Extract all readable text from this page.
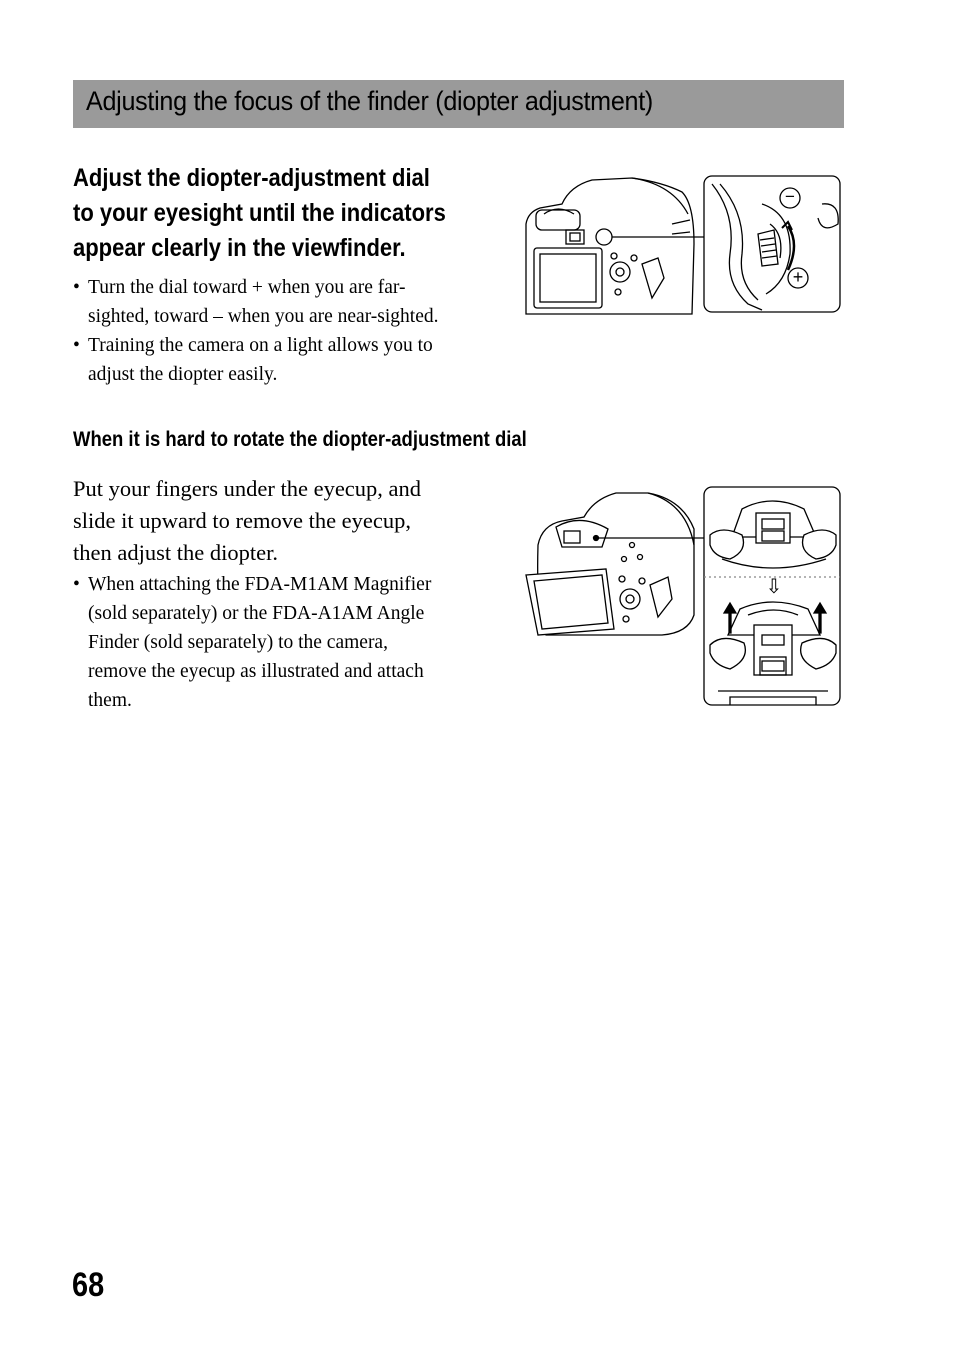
Adjusting the focus of the finder (diopter adjustment)
Adjust the diopter-adjustment dial
to your eyesight until the indicators
appear clearly in the viewfinder.
• Turn the dial toward + when you are far-
sighted, toward – when you are near-sighted.
• Training the camera on a light allows you to
adjust the diopter easily.
−
+
When it is hard to rotate the diopter-adjustment dial
Put your fingers under the eyecup, and
slide it upward to remove the eyecup,
then adjust the diopter.
• When attaching the FDA-M1AM Magnifier
(sold separately) or the FDA-A1AM Angle
Finder (sold separately) to the camera,
remove the eyecup as illustrated and attach
them.
⇩
68
